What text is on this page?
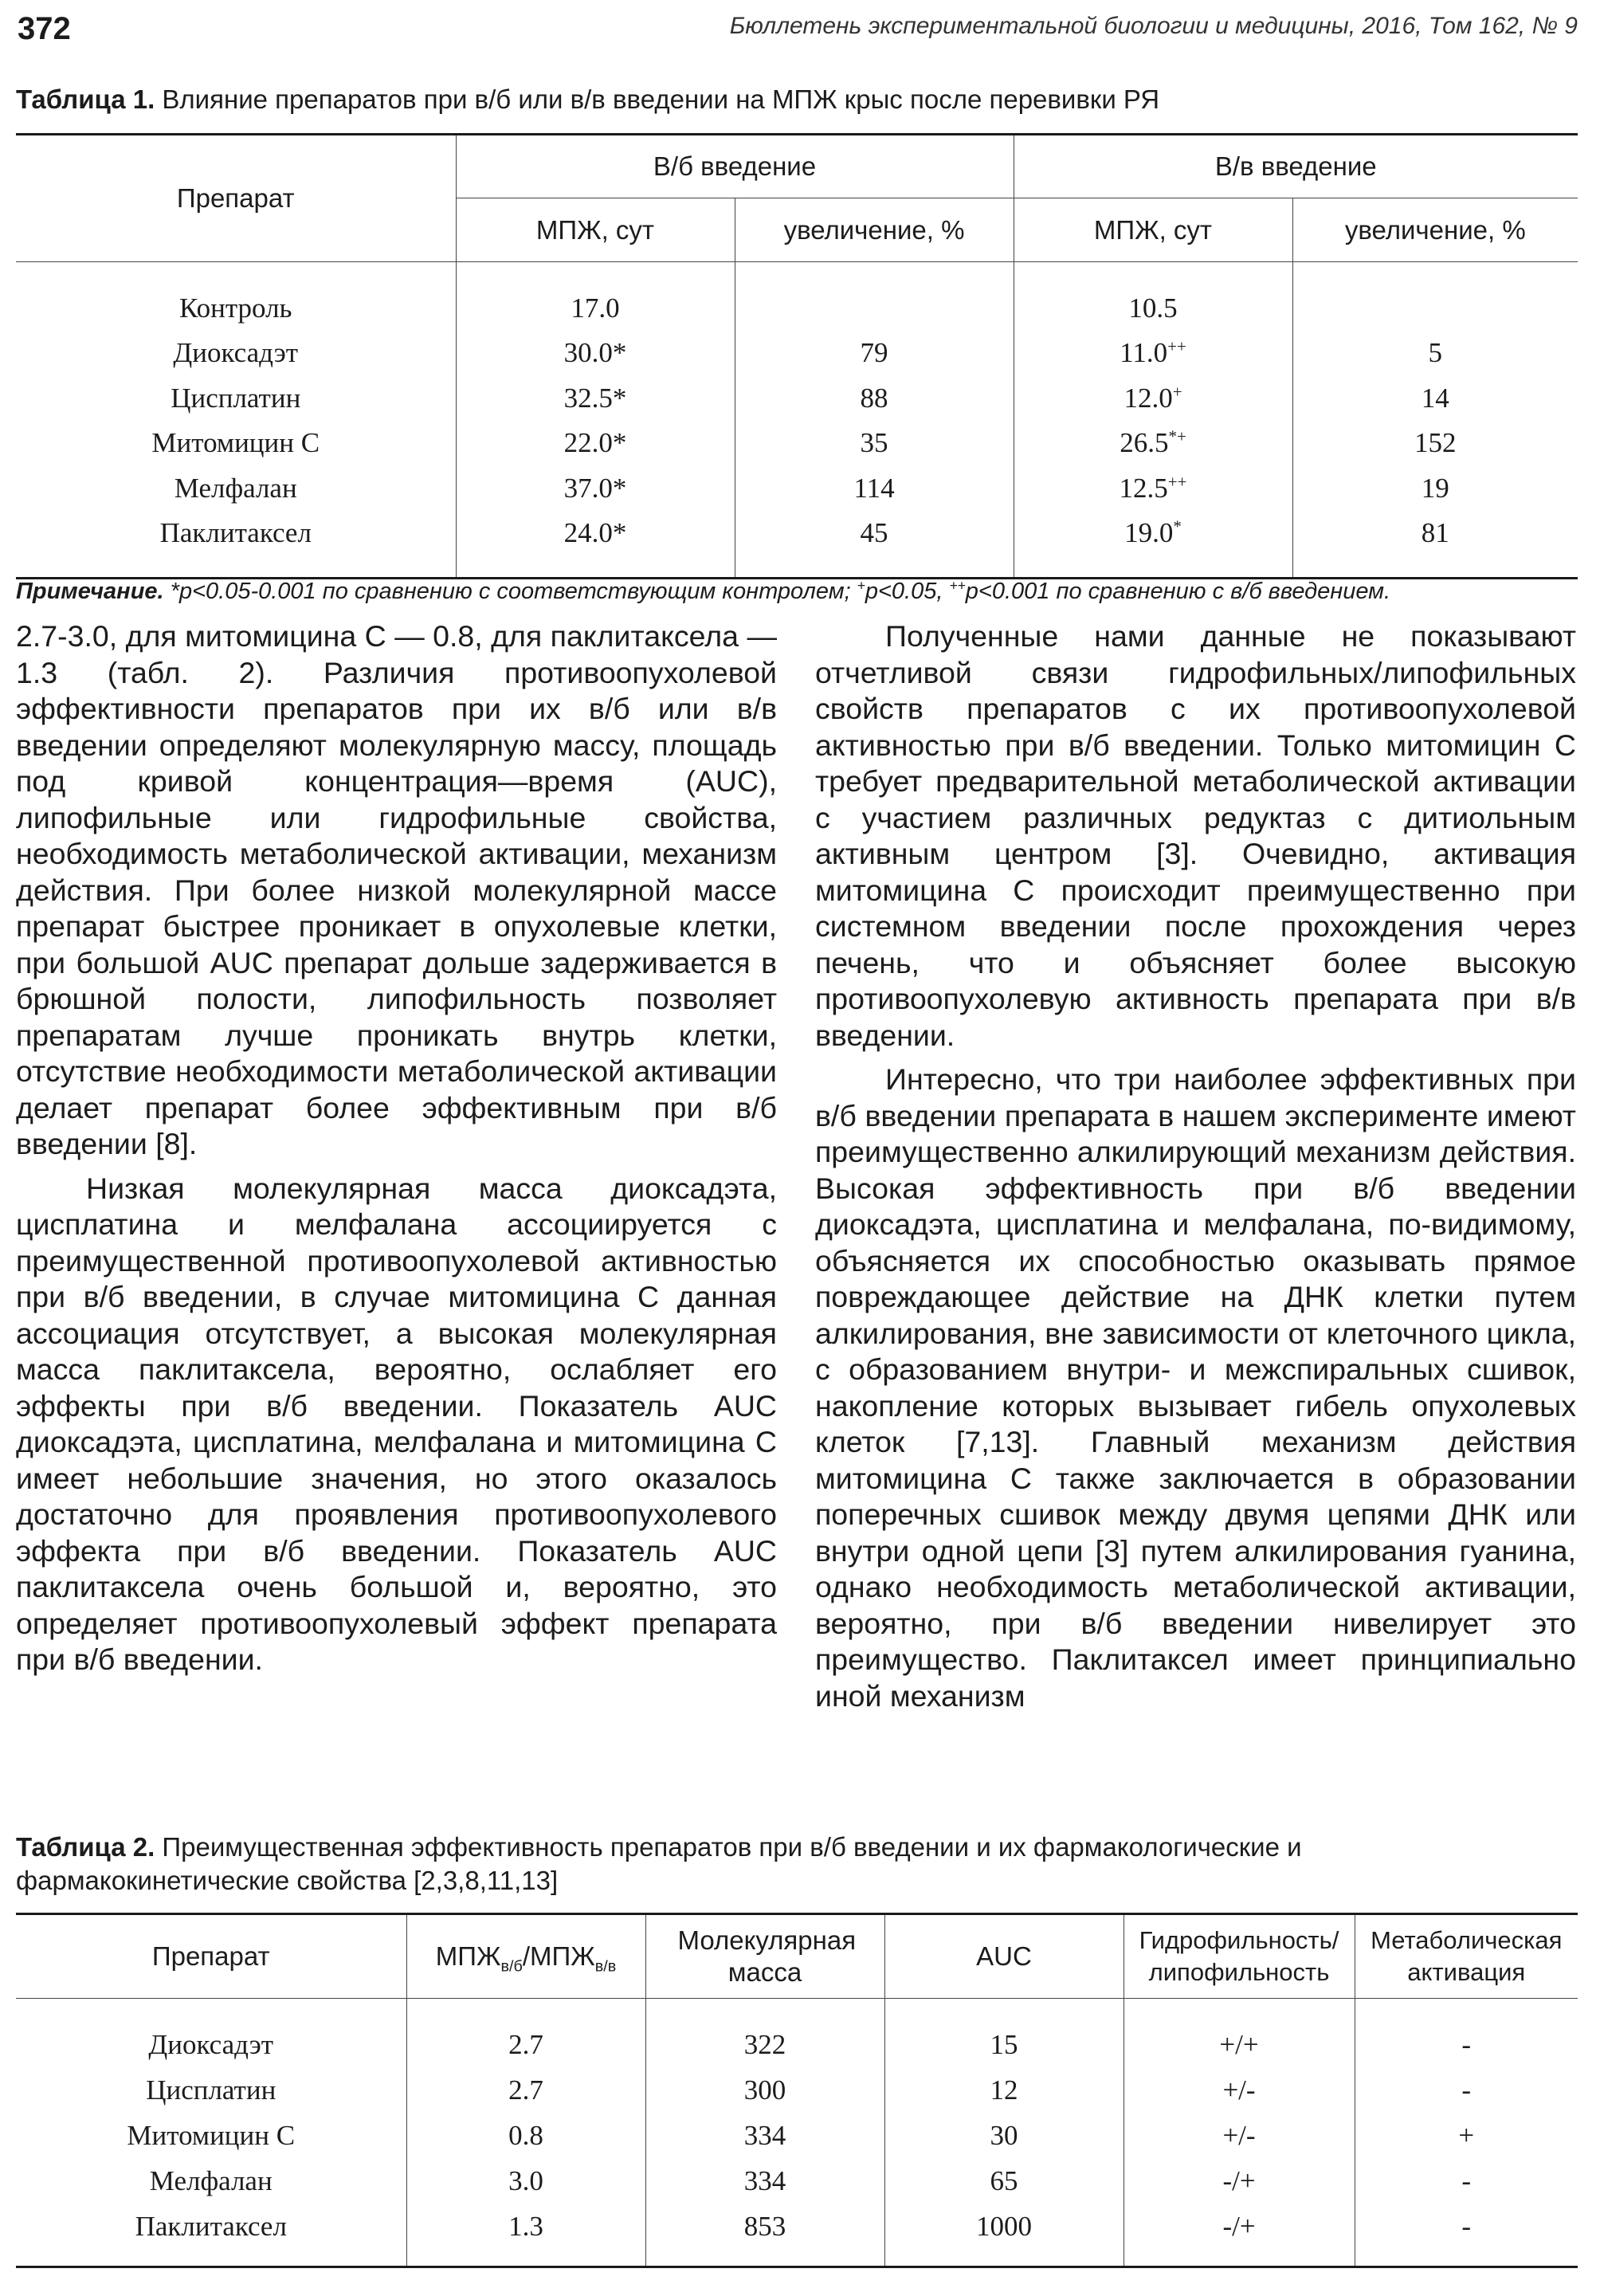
372	Бюллетень экспериментальной биологии и медицины, 2016, Том 162, № 9
Таблица 1. Влияние препаратов при в/б или в/в введении на МПЖ крыс после перевивки РЯ
Препарат	В/б введение		В/в введение	
	МПЖ, сут	увеличение, %	МПЖ, сут	увеличение, %

Контроль	17.0		10.5	
Диоксадэт	30.0*	79	11.0++	5
Цисплатин	32.5*	88	12.0+	14
Митомицин С	22.0*	35	26.5*+	152
Мелфалан	37.0*	114	12.5++	19
Паклитаксел	24.0*	45	19.0*	81

Примечание. *p<0.05-0.001 по сравнению с соответствующим контролем; +p<0.05, ++p<0.001 по сравнению с в/б введением.

2.7-3.0, для митомицина С — 0.8, для паклитаксела — 1.3 (табл. 2). Различия противоопухолевой эффективности препаратов при их в/б или в/в введении определяют молекулярную массу, площадь под кривой концентрация—время (AUC), липофильные или гидрофильные свойства, необходимость метаболической активации, механизм действия. При более низкой молекулярной массе препарат быстрее проникает в опухолевые клетки, при большой AUC препарат дольше задерживается в брюшной полости, липофильность позволяет препаратам лучше проникать внутрь клетки, отсутствие необходимости метаболической активации делает препарат более эффективным при в/б введении [8].

Низкая молекулярная масса диоксадэта, цисплатина и мелфалана ассоциируется с преимущественной противоопухолевой активностью при в/б введении, в случае митомицина С данная ассоциация отсутствует, а высокая молекулярная масса паклитаксела, вероятно, ослабляет его эффекты при в/б введении. Показатель AUC диоксадэта, цисплатина, мелфалана и митомицина С имеет небольшие значения, но этого оказалось достаточно для проявления противоопухолевого эффекта при в/б введении. Показатель AUC паклитаксела очень большой и, вероятно, это определяет противоопухолевый эффект препарата при в/б введении.

Полученные нами данные не показывают отчетливой связи гидрофильных/липофильных свойств препаратов с их противоопухолевой активностью при в/б введении. Только митомицин С требует предварительной метаболической активации с участием различных редуктаз с дитиольным активным центром [3]. Очевидно, активация митомицина С происходит преимущественно при системном введении после прохождения через печень, что и объясняет более высокую противоопухолевую активность препарата при в/в введении.

Интересно, что три наиболее эффективных при в/б введении препарата в нашем эксперименте имеют преимущественно алкилирующий механизм действия. Высокая эффективность при в/б введении диоксадэта, цисплатина и мелфалана, по-видимому, объясняется их способностью оказывать прямое повреждающее действие на ДНК клетки путем алкилирования, вне зависимости от клеточного цикла, с образованием внутри- и межспиральных сшивок, накопление которых вызывает гибель опухолевых клеток [7,13]. Главный механизм действия митомицина С также заключается в образовании поперечных сшивок между двумя цепями ДНК или внутри одной цепи [3] путем алкилирования гуанина, однако необходимость метаболической активации, вероятно, при в/б введении нивелирует это преимущество. Паклитаксел имеет принципиально иной механизм

Таблица 2. Преимущественная эффективность препаратов при в/б введении и их фармакологические и фармакокинетические свойства [2,3,8,11,13]
Препарат	$МПЖ_{в/б}/МПЖ_{в/в}$	Молекулярная масса	AUC	Гидрофильность/ липофильность	Метаболическая активация

Диоксадэт	2.7	322	15	+/+	-
Цисплатин	2.7	300	12	+/-	-
Митомицин С	0.8	334	30	+/-	+
Мелфалан	3.0	334	65	-/+	-
Паклитаксел	1.3	853	1000	-/+	-
